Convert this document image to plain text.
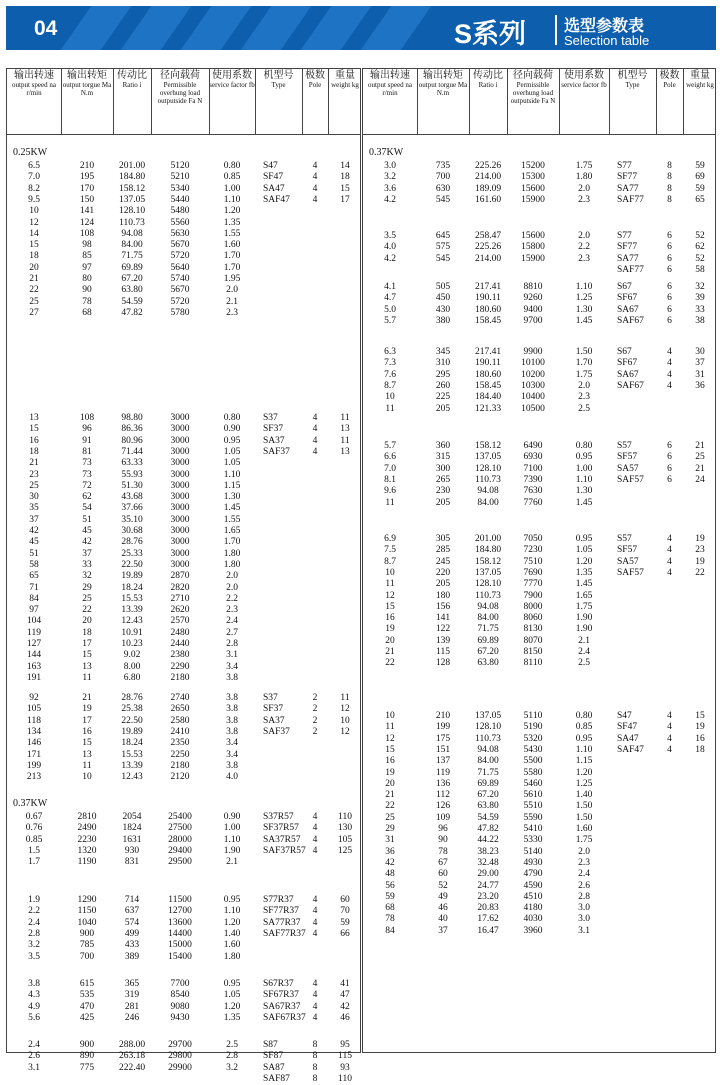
04	S系列 选型参数表
Selection table
输出转速
output speed na r/min
输出转矩
output torgue Ma N.m
传动比
Ratio i
径向载荷
Permissible overhung load outputside Fa N
使用系数
service factor fb
机型号
Type
极数
Pole
重量
weight kg
0.25KW
6.5	210	201.00	5120	0.80	S47	4	14
7.0	195	184.80	5210	0.85	SF47	4	18
8.2	170	158.12	5340	1.00	SA47	4	15
9.5	150	137.05	5440	1.10	SAF47	4	17
10	141	128.10	5480	1.20
12	124	110.73	5560	1.35
14	108	94.08	5630	1.55
15	98	84.00	5670	1.60
18	85	71.75	5720	1.70
20	97	69.89	5640	1.70
21	80	67.20	5740	1.95
22	90	63.80	5670	2.0
25	78	54.59	5720	2.1
27	68	47.82	5780	2.3
13	108	98.80	3000	0.80	S37	4	11
15	96	86.36	3000	0.90	SF37	4	13
16	91	80.96	3000	0.95	SA37	4	11
18	81	71.44	3000	1.05	SAF37	4	13
21	73	63.33	3000	1.05
23	73	55.93	3000	1.10
25	72	51.30	3000	1.15
30	62	43.68	3000	1.30
35	54	37.66	3000	1.45
37	51	35.10	3000	1.55
42	45	30.68	3000	1.65
45	42	28.76	3000	1.70
51	37	25.33	3000	1.80
58	33	22.50	3000	1.80
65	32	19.89	2870	2.0
71	29	18.24	2820	2.0
84	25	15.53	2710	2.2
97	22	13.39	2620	2.3
104	20	12.43	2570	2.4
119	18	10.91	2480	2.7
127	17	10.23	2440	2.8
144	15	9.02	2380	3.1
163	13	8.00	2290	3.4
191	11	6.80	2180	3.8
92	21	28.76	2740	3.8	S37	2	11
105	19	25.38	2650	3.8	SF37	2	12
118	17	22.50	2580	3.8	SA37	2	10
134	16	19.89	2410	3.8	SAF37	2	12
146	15	18.24	2350	3.4
171	13	15.53	2250	3.4
199	11	13.39	2180	3.8
213	10	12.43	2120	4.0
0.37KW
0.67	2810	2054	25400	0.90	S37R57	4	110
0.76	2490	1824	27500	1.00	SF37R57	4	130
0.85	2230	1631	28000	1.10	SA37R57	4	105
1.5	1320	930	29400	1.90	SAF37R57 4	125
1.7	1190	831	29500	2.1
1.9	1290	714	11500	0.95	S77R37	4	60
2.2	1150	637	12700	1.10	SF77R37	4	70
2.4	1040	574	13600	1.20	SA77R37	4	59
2.8	900	499	14400	1.40	SAF77R37 4	66
3.2	785	433	15000	1.60
3.5	700	389	15400	1.80
3.8	615	365	7700	0.95	S67R37	4	41
4.3	535	319	8540	1.05	SF67R37	4	47
4.9	470	281	9080	1.20	SA67R37	4	42
5.6	425	246	9430	1.35	SAF67R37 4	46
2.4	900	288.00	29700	2.5	S87	8	95
2.6	890	263.18	29800	2.8	SF87	8	115
3.1	775	222.40	29900	3.2	SA87	8	93
SAF87	8	110
输出转速
output speed na r/min
输出转矩
output torgue Ma N.m
传动比
Ratio i
径向载荷
Permissible overhung load outputside Fa N
使用系数
service factor fb
机型号
Type
极数
Pole
重量
weight kg
0.37KW
3.0	735	225.26	15200	1.75	S77	8	59
3.2	700	214.00	15300	1.80	SF77	8	69
3.6	630	189.09	15600	2.0	SA77	8	59
4.2	545	161.60	15900	2.3	SAF77	8	65
3.5	645	258.47	15600	2.0	S77	6	52
4.0	575	225.26	15800	2.2	SF77	6	62
4.2	545	214.00	15900	2.3	SA77	6	52
SAF77	6	58
4.1	505	217.41	8810	1.10	S67	6	32
4.7	450	190.11	9260	1.25	SF67	6	39
5.0	430	180.60	9400	1.30	SA67	6	33
5.7	380	158.45	9700	1.45	SAF67	6	38
6.3	345	217.41	9900	1.50	S67	4	30
7.3	310	190.11	10100	1.70	SF67	4	37
7.6	295	180.60	10200	1.75	SA67	4	31
8.7	260	158.45	10300	2.0	SAF67	4	36
10	225	184.40	10400	2.3
11	205	121.33	10500	2.5
5.7	360	158.12	6490	0.80	S57	6	21
6.6	315	137.05	6930	0.95	SF57	6	25
7.0	300	128.10	7100	1.00	SA57	6	21
8.1	265	110.73	7390	1.10	SAF57	6	24
9.6	230	94.08	7630	1.30
11	205	84.00	7760	1.45
6.9	305	201.00	7050	0.95	S57	4	19
7.5	285	184.80	7230	1.05	SF57	4	23
8.7	245	158.12	7510	1.20	SA57	4	19
10	220	137.05	7690	1.35	SAF57	4	22
11	205	128.10	7770	1.45
12	180	110.73	7900	1.65
15	156	94.08	8000	1.75
16	141	84.00	8060	1.90
19	122	71.75	8130	1.90
20	139	69.89	8070	2.1
21	115	67.20	8150	2.4
22	128	63.80	8110	2.5
10	210	137.05	5110	0.80	S47	4	15
11	199	128.10	5190	0.85	SF47	4	19
12	175	110.73	5320	0.95	SA47	4	16
15	151	94.08	5430	1.10	SAF47	4	18
16	137	84.00	5500	1.15
19	119	71.75	5580	1.20
20	136	69.89	5460	1.25
21	112	67.20	5610	1.40
22	126	63.80	5510	1.50
25	109	54.59	5590	1.50
29	96	47.82	5410	1.60
31	90	44.22	5330	1.75
36	78	38.23	5140	2.0
42	67	32.48	4930	2.3
48	60	29.00	4790	2.4
56	52	24.77	4590	2.6
59	49	23.20	4510	2.8
68	46	20.83	4180	3.0
78	40	17.62	4030	3.0
84	37	16.47	3960	3.1
